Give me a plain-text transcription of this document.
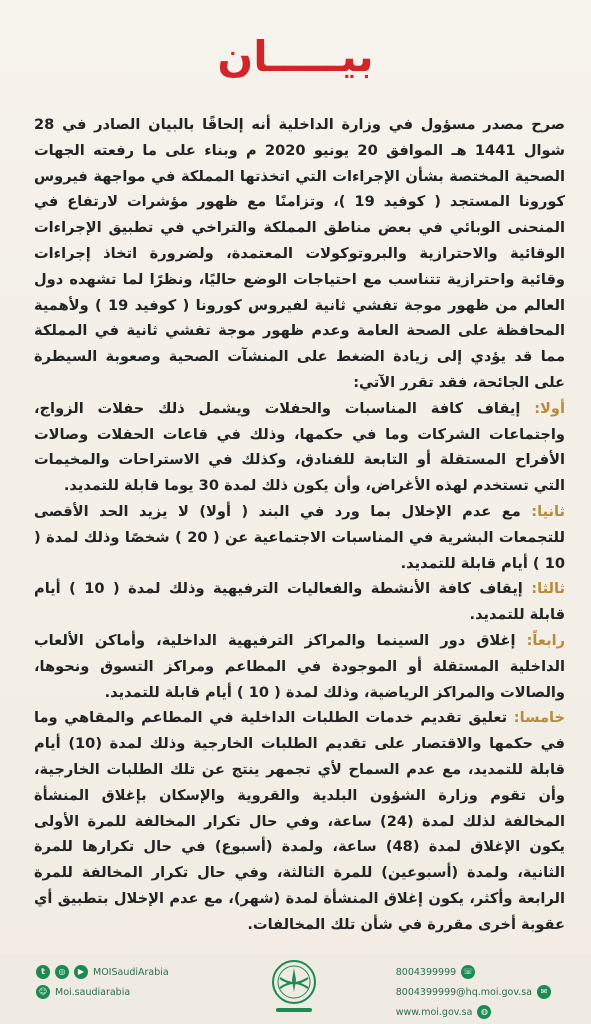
بيـــــان

صرح مصدر مسؤول في وزارة الداخلية أنه إلحاقًا بالبيان الصادر في 28 شوال 1441 هـ الموافق 20 يونيو 2020 م وبناء على ما رفعته الجهات الصحية المختصة بشأن الإجراءات التي اتخذتها المملكة في مواجهة فيروس كورونا المستجد ( كوفيد 19 )، وتزامنًا مع ظهور مؤشرات لارتفاع في المنحنى الوبائي في بعض مناطق المملكة والتراخي في تطبيق الإجراءات الوقائية والاحترازية والبروتوكولات المعتمدة، ولضرورة اتخاذ إجراءات وقائية واحترازية تتناسب مع احتياجات الوضع حاليًا، ونظرًا لما تشهده دول العالم من ظهور موجة تفشي ثانية لفيروس كورونا ( كوفيد 19 ) ولأهمية المحافظة على الصحة العامة وعدم ظهور موجة تفشي ثانية في المملكة مما قد يؤدي إلى زيادة الضغط على المنشآت الصحية وصعوبة السيطرة على الجائحة، فقد تقرر الآتي:

أولا: إيقاف كافة المناسبات والحفلات ويشمل ذلك حفلات الزواج، واجتماعات الشركات وما في حكمها، وذلك في قاعات الحفلات وصالات الأفراح المستقلة أو التابعة للفنادق، وكذلك في الاستراحات والمخيمات التي تستخدم لهذه الأغراض، وأن يكون ذلك لمدة 30 يوما قابلة للتمديد.

ثانيا: مع عدم الإخلال بما ورد في البند ( أولا) لا يزيد الحد الأقصى للتجمعات البشرية في المناسبات الاجتماعية عن ( 20 ) شخصًا وذلك لمدة ( 10 ) أيام قابلة للتمديد.

ثالثا: إيقاف كافة الأنشطة والفعاليات الترفيهية وذلك لمدة ( 10 ) أيام قابلة للتمديد.

رابعاً: إغلاق دور السينما والمراكز الترفيهية الداخلية، وأماكن الألعاب الداخلية المستقلة أو الموجودة في المطاعم ومراكز التسوق ونحوها، والصالات والمراكز الرياضية، وذلك لمدة ( 10 ) أيام قابلة للتمديد.

خامسا: تعليق تقديم خدمات الطلبات الداخلية في المطاعم والمقاهي وما في حكمها والاقتصار على تقديم الطلبات الخارجية وذلك لمدة (10) أيام قابلة للتمديد، مع عدم السماح لأي تجمهر ينتج عن تلك الطلبات الخارجية، وأن تقوم وزارة الشؤون البلدية والقروية والإسكان بإغلاق المنشأة المخالفة لذلك لمدة (24) ساعة، وفي حال تكرار المخالفة للمرة الأولى يكون الإغلاق لمدة (48) ساعة، ولمدة (أسبوع) في حال تكرارها للمرة الثانية، ولمدة (أسبوعين) للمرة الثالثة، وفي حال تكرار المخالفة للمرة الرابعة وأكثر، يكون إغلاق المنشأة لمدة (شهر)، مع عدم الإخلال بتطبيق أي عقوبة أخرى مقررة في شأن تلك المخالفات.

t	◎	▶ MOISaudiArabia
☺ Moi.saudiarabia
8004399999 ☏
8004399999@hq.moi.gov.sa	✉
www.moi.gov.sa	◍
